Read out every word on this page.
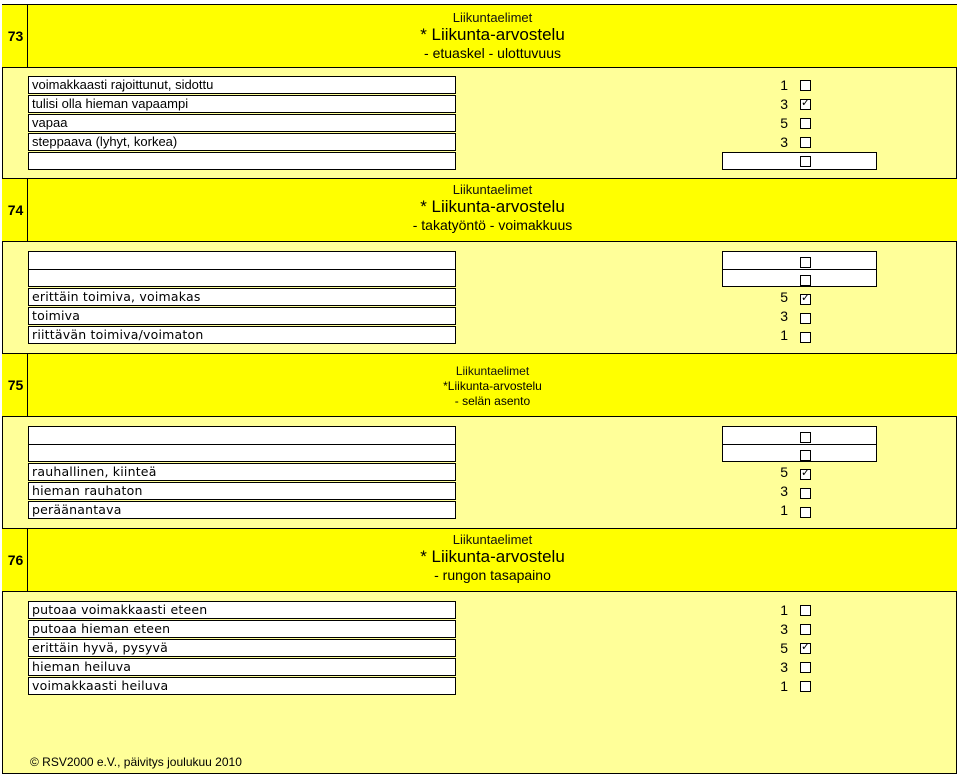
73
Liikuntaelimet
* Liikunta-arvostelu
- etuaskel - ulottuvuus
voimakkaasti rajoittunut, sidottu
tulisi olla hieman vapaampi
vapaa
steppaava (lyhyt, korkea)
1
3
5
3
✓
74
Liikuntaelimet
* Liikunta-arvostelu
- takatyöntö - voimakkuus
erittäin toimiva, voimakas
toimiva
riittävän toimiva/voimaton
5
3
1
✓
75
Liikuntaelimet
*Liikunta-arvostelu
- selän asento
rauhallinen, kiinteä
hieman rauhaton
peräänantava
5
3
1
✓
76
Liikuntaelimet
* Liikunta-arvostelu
- rungon tasapaino
putoaa voimakkaasti eteen
putoaa hieman eteen
erittäin hyvä, pysyvä
hieman heiluva
voimakkaasti heiluva
1
3
5
3
1
✓
© RSV2000 e.V., päivitys joulukuu 2010
